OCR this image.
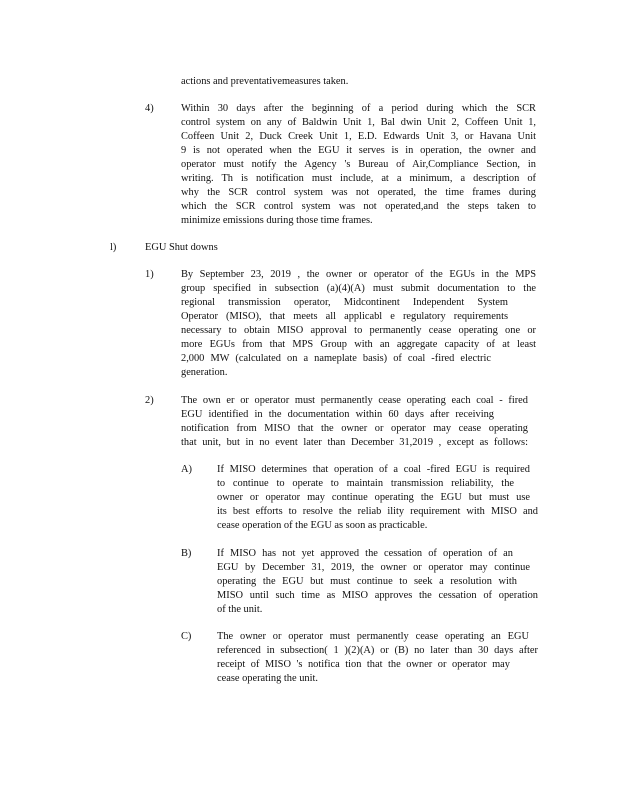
actions and preventativemeasures taken.
4)	Within 30 days after the beginning of a period during which the SCR
control system on any of Baldwin Unit 1, Bal dwin Unit 2, Coffeen Unit 1,
Coffeen Unit 2, Duck Creek Unit 1, E.D. Edwards Unit 3, or Havana Unit
9 is not operated when the EGU it serves is in operation, the owner and
operator must notify the Agency 's Bureau of Air,Compliance Section, in
writing. Th is notification must include, at a minimum, a description of
why the SCR control system was not operated, the time frames during
which the SCR control system was not operated,and the steps taken to
minimize emissions during those time frames.
l)	EGU Shut downs
1)	By September 23, 2019 , the owner or operator of the EGUs in the MPS
group specified in subsection (a)(4)(A) must submit documentation to the
regional transmission operator, Midcontinent Independent System
Operator (MISO), that meets all applicabl e regulatory requirements
necessary to obtain MISO approval to permanently cease operating one or
more EGUs from that MPS Group with an aggregate capacity of at least
2,000 MW (calculated on a nameplate basis) of coal -fired electric
generation.
2)	The own er or operator must permanently cease operating each coal - fired
EGU identified in the documentation within 60 days after receiving
notification from MISO that the owner or operator may cease operating
that unit, but in no event later than December 31,2019 , except as follows:
A) If MISO determines that operation of a coal -fired EGU is required
to continue to operate to maintain transmission reliability, the
owner or operator may continue operating the EGU but must use
its best efforts to resolve the reliab ility requirement with MISO and
cease operation of the EGU as soon as practicable.
B) If MISO has not yet approved the cessation of operation of an
EGU by December 31, 2019, the owner or operator may continue
operating the EGU but must continue to seek a resolution with
MISO until such time as MISO approves the cessation of operation
of the unit.
C) The owner or operator must permanently cease operating an EGU
referenced in subsection( 1 )(2)(A) or (B) no later than 30 days after
receipt of MISO 's notifica tion that the owner or operator may
cease operating the unit.
